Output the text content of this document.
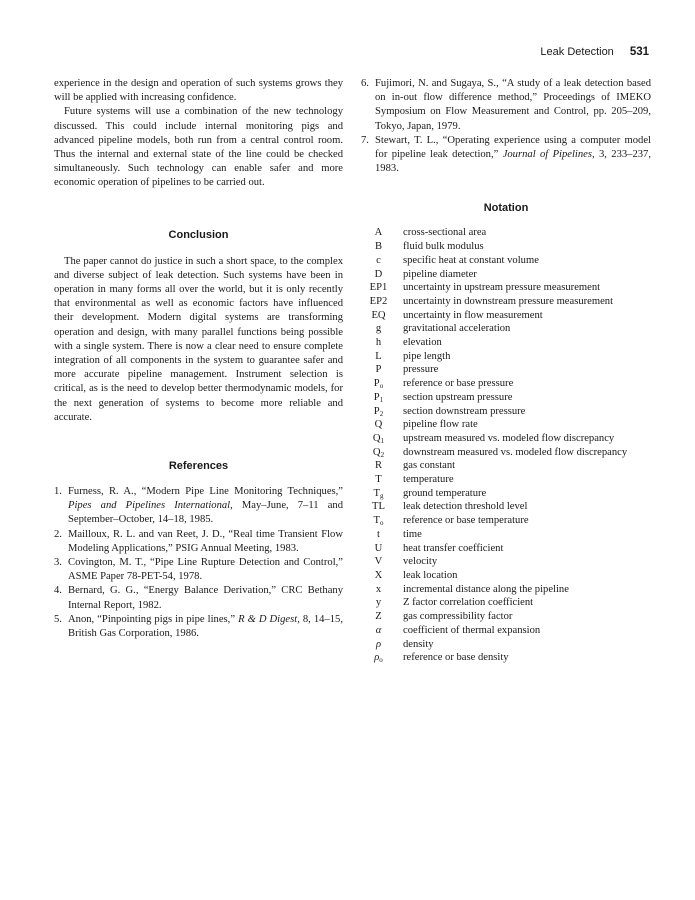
Leak Detection 531

experience in the design and operation of such systems grows they will be applied with increasing confidence.

Future systems will use a combination of the new technology discussed. This could include internal monitoring pigs and advanced pipeline models, both run from a central control room. Thus the internal and external state of the line could be checked simultaneously. Such technology can enable safer and more economic operation of pipelines to be carried out.

Conclusion

The paper cannot do justice in such a short space, to the complex and diverse subject of leak detection. Such systems have been in operation in many forms all over the world, but it is only recently that environmental as well as economic factors have influenced their development. Modern digital systems are transforming operation and design, with many parallel functions being possible with a single system. There is now a clear need to ensure complete integration of all components in the system to guarantee safer and more accurate pipeline management. Instrument selection is critical, as is the need to develop better thermodynamic models, for the next generation of systems to become more reliable and accurate.

References
1. Furness, R. A., “Modern Pipe Line Monitoring Techniques,” Pipes and Pipelines International, May–June, 7–11 and September–October, 14–18, 1985.
2. Mailloux, R. L. and van Reet, J. D., “Real time Transient Flow Modeling Applications,” PSIG Annual Meeting, 1983.
3. Covington, M. T., “Pipe Line Rupture Detection and Control,” ASME Paper 78-PET-54, 1978.
4. Bernard, G. G., “Energy Balance Derivation,” CRC Bethany Internal Report, 1982.
5. Anon, “Pinpointing pigs in pipe lines,” R & D Digest, 8, 14–15, British Gas Corporation, 1986.
6. Fujimori, N. and Sugaya, S., “A study of a leak detection based on in-out flow difference method,” Proceedings of IMEKO Symposium on Flow Measurement and Control, pp. 205–209, Tokyo, Japan, 1979.
7. Stewart, T. L., “Operating experience using a computer model for pipeline leak detection,” Journal of Pipelines, 3, 233–237, 1983.
Notation
A	cross-sectional area
B	fluid bulk modulus
c	specific heat at constant volume
D	pipeline diameter
EP1	uncertainty in upstream pressure measurement
EP2	uncertainty in downstream pressure measurement
EQ	uncertainty in flow measurement
g	gravitational acceleration
h	elevation
L	pipe length
P	pressure
$P_o$	reference or base pressure
$P_1$	section upstream pressure
$P_2$	section downstream pressure
Q	pipeline flow rate
$Q_1$	upstream measured vs. modeled flow discrepancy
$Q_2$	downstream measured vs. modeled flow discrepancy
R	gas constant
T	temperature
$T_g$	ground temperature
TL	leak detection threshold level
$T_o$	reference or base temperature
t	time
U	heat transfer coefficient
V	velocity
X	leak location
x	incremental distance along the pipeline
y	Z factor correlation coefficient
Z	gas compressibility factor
α	coefficient of thermal expansion
ρ	density
$\rho_o$	reference or base density
